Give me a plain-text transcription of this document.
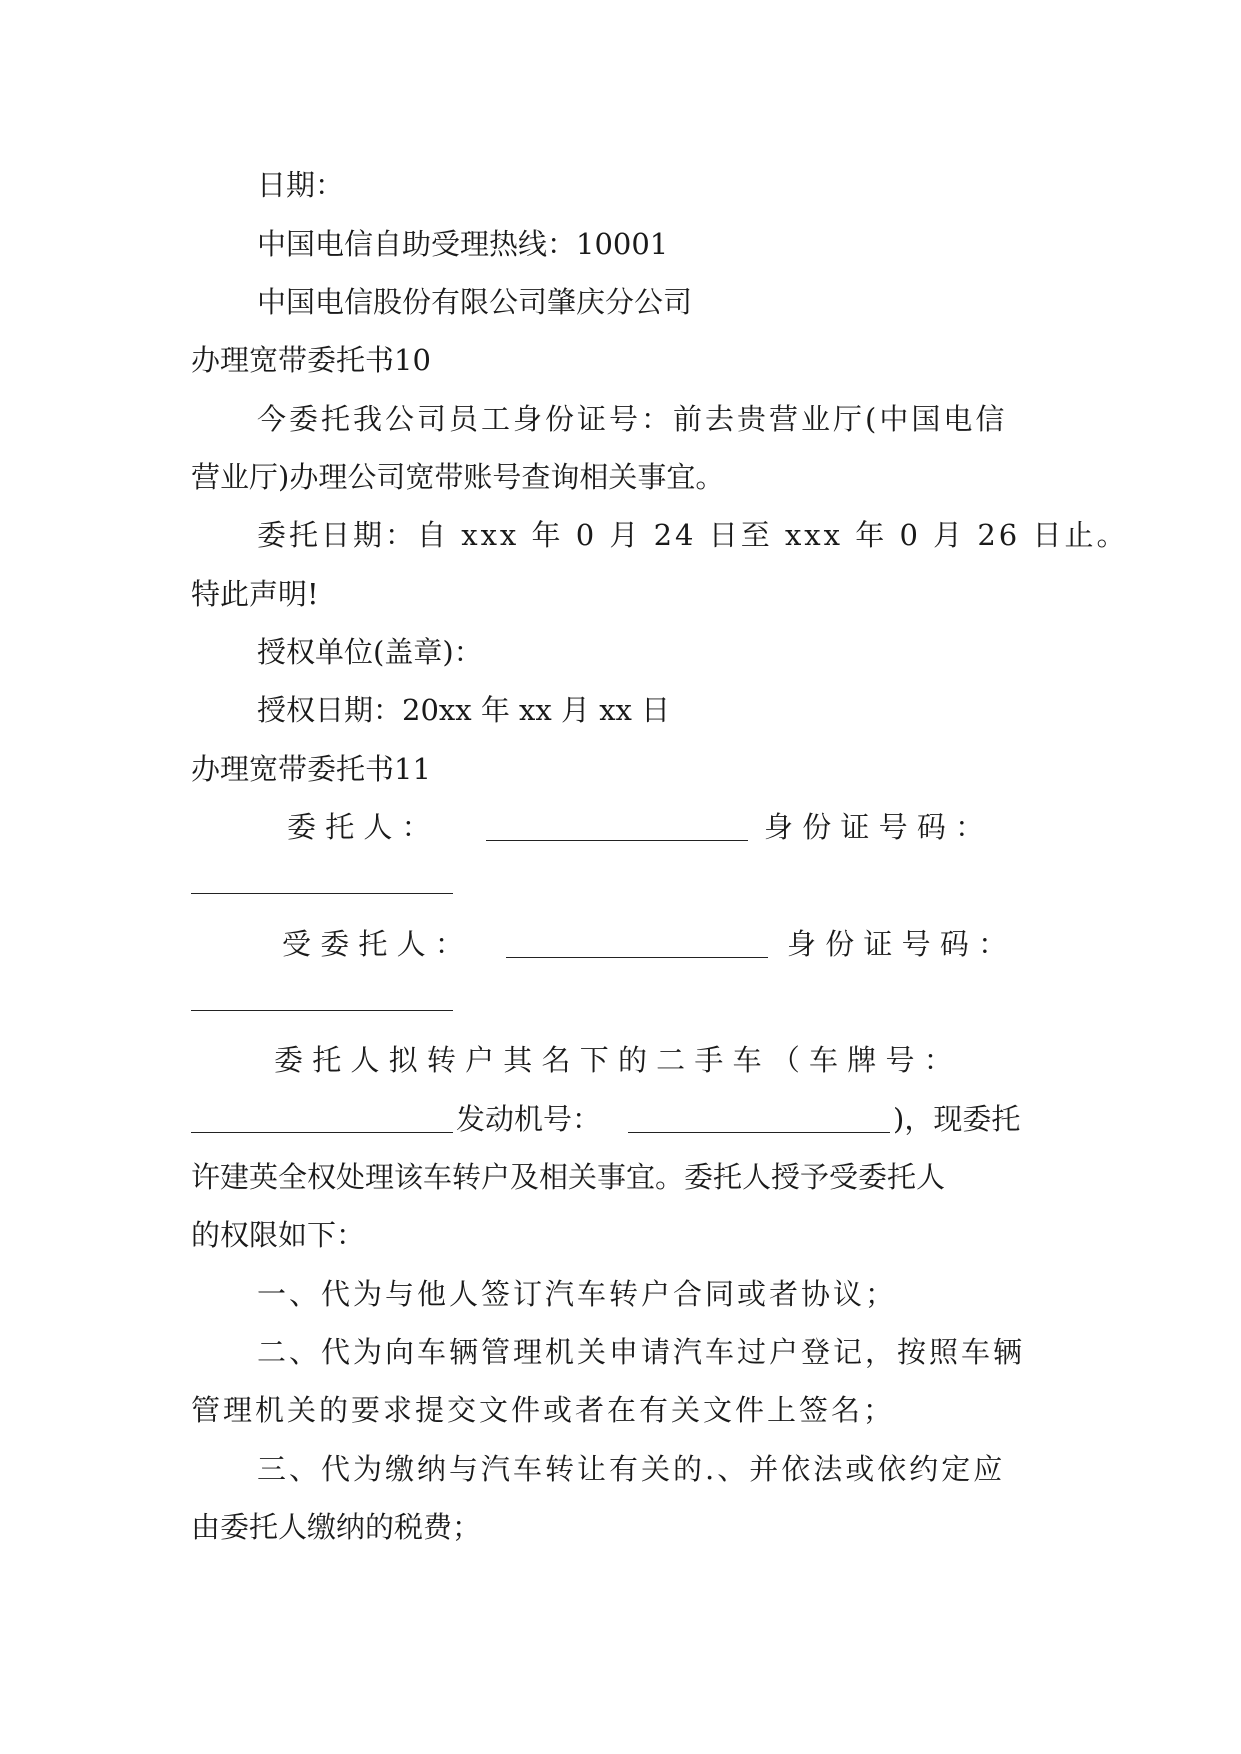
日期：

中国电信自助受理热线：10001

中国电信股份有限公司肇庆分公司

办理宽带委托书10

今委托我公司员工身份证号：前去贵营业厅(中国电信

营业厅)办理公司宽带账号查询相关事宜。

委托日期：自 xxx 年 0 月 24 日至 xxx 年 0 月 26 日止。

特此声明!

授权单位(盖章)：

授权日期：20xx 年 xx 月 xx 日

办理宽带委托书11

委 托 人 ：	身 份 证 号 码 ：

受 委 托 人 ：	身 份 证 号 码 ：

委 托 人 拟 转 户 其 名 下 的 二 手 车 （ 车 牌 号 ：

发动机号：	)，现委托

许建英全权处理该车转户及相关事宜。委托人授予受委托人

的权限如下：

一、代为与他人签订汽车转户合同或者协议；

二、代为向车辆管理机关申请汽车过户登记，按照车辆

管理机关的要求提交文件或者在有关文件上签名；

三、代为缴纳与汽车转让有关的.、并依法或依约定应

由委托人缴纳的税费；
